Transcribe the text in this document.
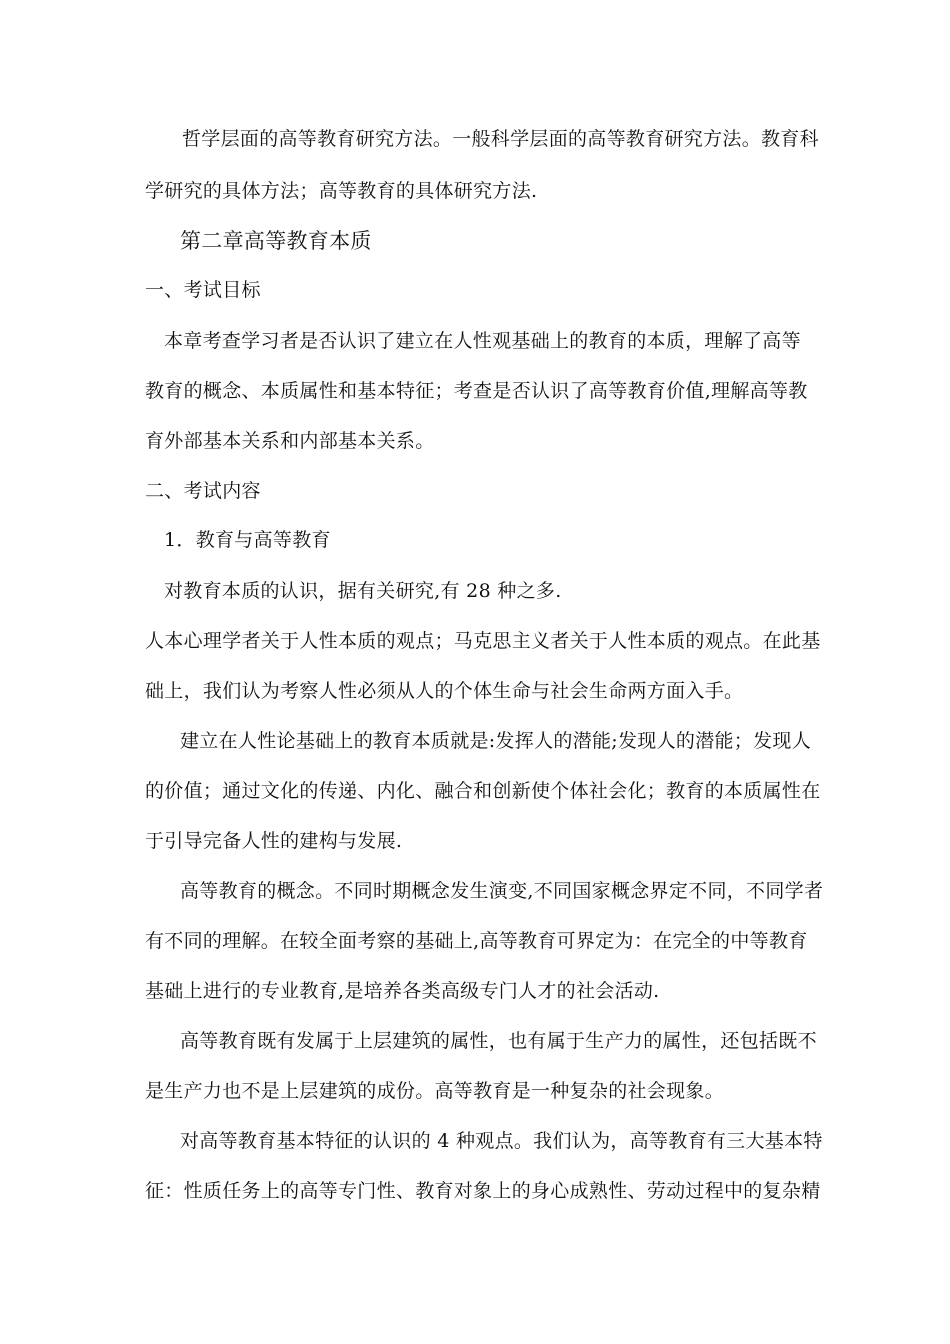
哲学层面的高等教育研究方法。一般科学层面的高等教育研究方法。教育科
学研究的具体方法；高等教育的具体研究方法.
第二章高等教育本质
一、考试目标
本章考查学习者是否认识了建立在人性观基础上的教育的本质，理解了高等
教育的概念、本质属性和基本特征；考查是否认识了高等教育价值,理解高等教
育外部基本关系和内部基本关系。
二、考试内容
1．教育与高等教育
对教育本质的认识，据有关研究,有 28 种之多.
人本心理学者关于人性本质的观点；马克思主义者关于人性本质的观点。在此基
础上，我们认为考察人性必须从人的个体生命与社会生命两方面入手。
建立在人性论基础上的教育本质就是:发挥人的潜能;发现人的潜能；发现人
的价值；通过文化的传递、内化、融合和创新使个体社会化；教育的本质属性在
于引导完备人性的建构与发展.
高等教育的概念。不同时期概念发生演变,不同国家概念界定不同，不同学者
有不同的理解。在较全面考察的基础上,高等教育可界定为：在完全的中等教育
基础上进行的专业教育,是培养各类高级专门人才的社会活动.
高等教育既有发属于上层建筑的属性，也有属于生产力的属性，还包括既不
是生产力也不是上层建筑的成份。高等教育是一种复杂的社会现象。
对高等教育基本特征的认识的 4 种观点。我们认为，高等教育有三大基本特
征：性质任务上的高等专门性、教育对象上的身心成熟性、劳动过程中的复杂精
